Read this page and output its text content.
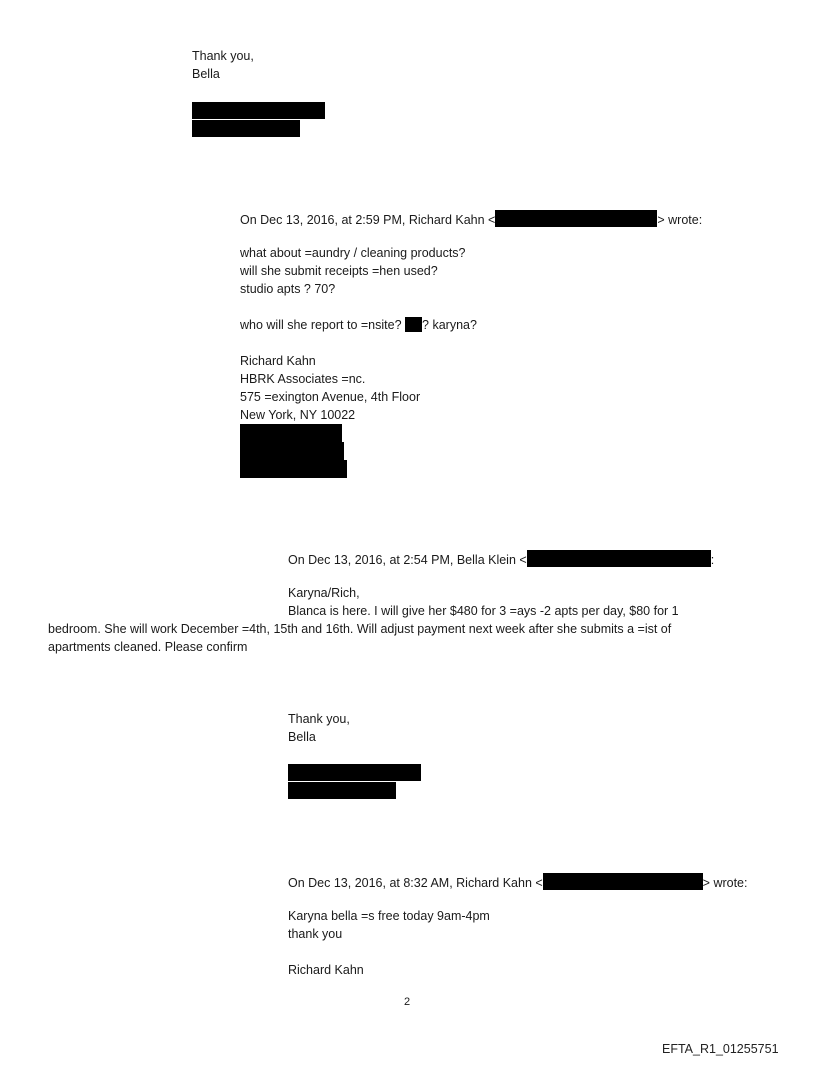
Thank you,
Bella
On Dec 13, 2016, at 2:59 PM, Richard Kahn <	> wrote:
what about =aundry / cleaning products?
will she submit receipts =hen used?
studio apts ? 70?
who will she report to =nsite? ? karyna?
Richard Kahn
HBRK Associates =nc.
575 =exington Avenue, 4th Floor
New York, NY 10022
On Dec 13, 2016, at 2:54 PM, Bella Klein <	:
Karyna/Rich,
Blanca is here. I will give her $480 for 3 =ays -2 apts per day, $80 for 1
bedroom. She will work December =4th, 15th and 16th. Will adjust payment next week after she submits a =ist of
apartments cleaned. Please confirm
Thank you,
Bella
On Dec 13, 2016, at 8:32 AM, Richard Kahn <	> wrote:
Karyna bella =s free today 9am-4pm
thank you
Richard Kahn
2
EFTA_R1_01255751
